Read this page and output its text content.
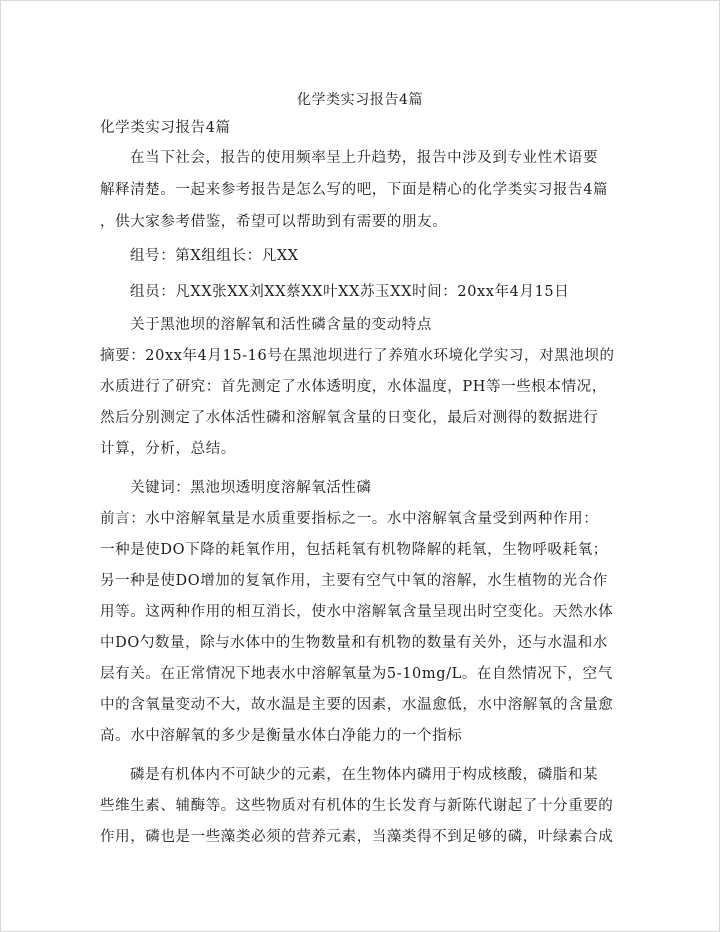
化学类实习报告4篇
化学类实习报告4篇
在当下社会，报告的使用频率呈上升趋势，报告中涉及到专业性术语要
解释清楚。一起来参考报告是怎么写的吧，下面是精心的化学类实习报告4篇
，供大家参考借鉴，希望可以帮助到有需要的朋友。
组号：第X组组长：凡XX
组员：凡XX张XX刘XX蔡XX叶XX苏玉XX时间：20xx年4月15日
关于黑池坝的溶解氧和活性磷含量的变动特点
摘要：20xx年4月15-16号在黑池坝进行了养殖水环境化学实习，对黑池坝的
水质进行了研究：首先测定了水体透明度，水体温度，PH等一些根本情况，
然后分别测定了水体活性磷和溶解氧含量的日变化，最后对测得的数据进行
计算，分析，总结。
关键词：黑池坝透明度溶解氧活性磷
前言：水中溶解氧量是水质重要指标之一。水中溶解氧含量受到两种作用：
一种是使DO下降的耗氧作用，包括耗氧有机物降解的耗氧，生物呼吸耗氧；
另一种是使DO增加的复氧作用，主要有空气中氧的溶解，水生植物的光合作
用等。这两种作用的相互消长，使水中溶解氧含量呈现出时空变化。天然水体
中DO勺数量，除与水体中的生物数量和有机物的数量有关外，还与水温和水
层有关。在正常情况下地表水中溶解氧量为5-10mg/L。在自然情况下，空气
中的含氧量变动不大，故水温是主要的因素，水温愈低，水中溶解氧的含量愈
高。水中溶解氧的多少是衡量水体白净能力的一个指标
磷是有机体内不可缺少的元素，在生物体内磷用于构成核酸，磷脂和某
些维生素、辅酶等。这些物质对有机体的生长发育与新陈代谢起了十分重要的
作用，磷也是一些藻类必须的营养元素，当藻类得不到足够的磷，叶绿素合成
